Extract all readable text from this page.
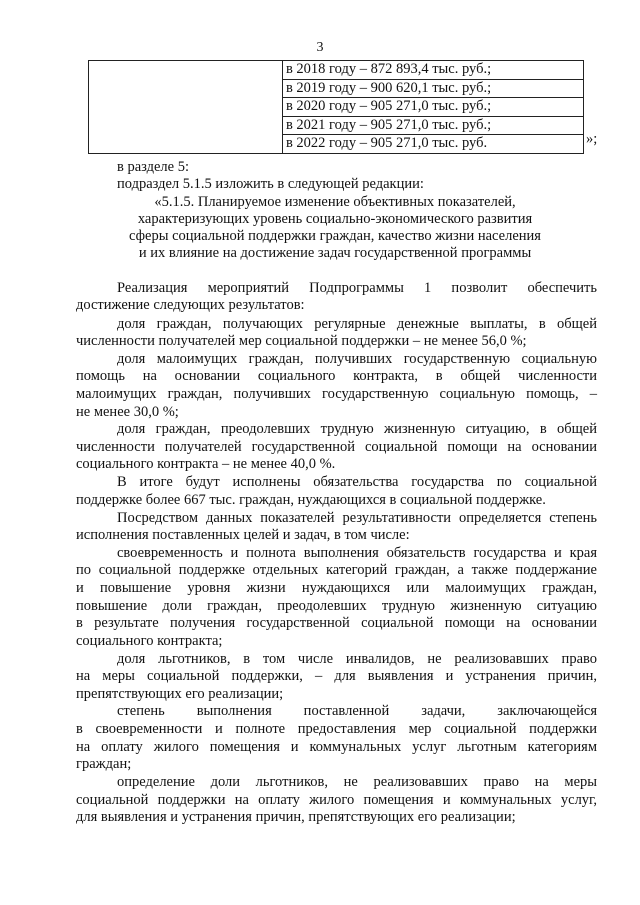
3

в 2018 году – 872 893,4 тыс. руб.;
в 2019 году – 900 620,1 тыс. руб.;
в 2020 году – 905 271,0 тыс. руб.;
в 2021 году – 905 271,0 тыс. руб.;
в 2022 году – 905 271,0 тыс. руб.	»;
в разделе 5:
подраздел 5.1.5 изложить в следующей редакции:
«5.1.5. Планируемое изменение объективных показателей,
характеризующих уровень социально-экономического развития
сферы социальной поддержки граждан, качество жизни населения
и их влияние на достижение задач государственной программы
Реализация мероприятий Подпрограммы 1 позволит обеспечить
достижение следующих результатов:
доля граждан, получающих регулярные денежные выплаты, в общей
численности получателей мер социальной поддержки – не менее 56,0 %;
доля малоимущих граждан, получивших государственную социальную
помощь на основании социального контракта, в общей численности
малоимущих граждан, получивших государственную социальную помощь, –
не менее 30,0 %;
доля граждан, преодолевших трудную жизненную ситуацию, в общей
численности получателей государственной социальной помощи на основании
социального контракта – не менее 40,0 %.
В итоге будут исполнены обязательства государства по социальной
поддержке более 667 тыс. граждан, нуждающихся в социальной поддержке.
Посредством данных показателей результативности определяется степень
исполнения поставленных целей и задач, в том числе:
своевременность и полнота выполнения обязательств государства и края
по социальной поддержке отдельных категорий граждан, а также поддержание
и повышение уровня жизни нуждающихся или малоимущих граждан,
повышение доли граждан, преодолевших трудную жизненную ситуацию
в результате получения государственной социальной помощи на основании
социального контракта;
доля льготников, в том числе инвалидов, не реализовавших право
на меры социальной поддержки, – для выявления и устранения причин,
препятствующих его реализации;
степень выполнения поставленной задачи, заключающейся
в своевременности и полноте предоставления мер социальной поддержки
на оплату жилого помещения и коммунальных услуг льготным категориям
граждан;
определение доли льготников, не реализовавших право на меры
социальной поддержки на оплату жилого помещения и коммунальных услуг,
для выявления и устранения причин, препятствующих его реализации;
